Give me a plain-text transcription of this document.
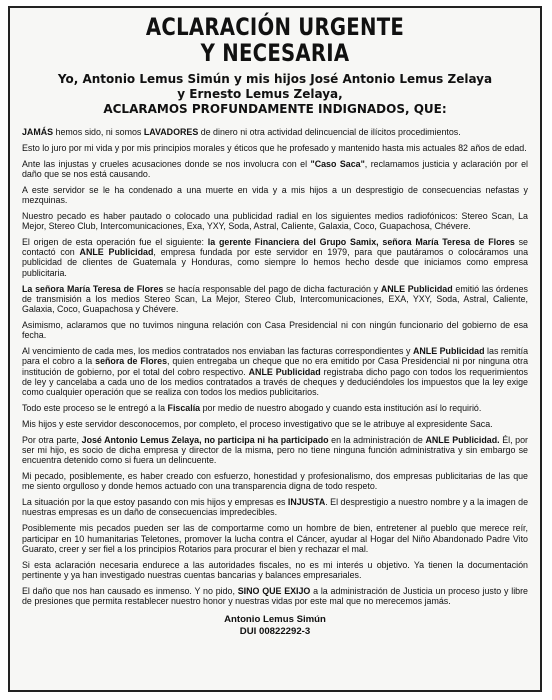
ACLARACIÓN URGENTE
Y NECESARIA
Yo, Antonio Lemus Simún y mis hijos José Antonio Lemus Zelaya
y Ernesto Lemus Zelaya,
ACLARAMOS PROFUNDAMENTE INDIGNADOS, QUE:

JAMÁS hemos sido, ni somos LAVADORES de dinero ni otra actividad delincuencial de ilícitos procedimientos.

Esto lo juro por mi vida y por mis principios morales y éticos que he profesado y mantenido hasta mis actuales 82 años de edad.

Ante las injustas y crueles acusaciones donde se nos involucra con el "Caso Saca", reclamamos justicia y aclaración por el daño que se nos está causando.

A este servidor se le ha condenado a una muerte en vida y a mis hijos a un desprestigio de consecuencias nefastas y mezquinas.

Nuestro pecado es haber pautado o colocado una publicidad radial en los siguientes medios radiofónicos: Stereo Scan, La Mejor, Stereo Club, Intercomunicaciones, Exa, YXY, Soda, Astral, Caliente, Galaxia, Coco, Guapachosa, Chévere.

El origen de esta operación fue el siguiente: la gerente Financiera del Grupo Samix, señora María Teresa de Flores se contactó con ANLE Publicidad, empresa fundada por este servidor en 1979, para que pautáramos o colocáramos una publicidad de clientes de Guatemala y Honduras, como siempre lo hemos hecho desde que iniciamos como empresa publicitaria.

La señora María Teresa de Flores se hacía responsable del pago de dicha facturación y ANLE Publicidad emitió las órdenes de transmisión a los medios Stereo Scan, La Mejor, Stereo Club, Intercomunicaciones, EXA, YXY, Soda, Astral, Caliente, Galaxia, Coco, Guapachosa y Chévere.

Asimismo, aclaramos que no tuvimos ninguna relación con Casa Presidencial ni con ningún funcionario del gobierno de esa fecha.

Al vencimiento de cada mes, los medios contratados nos enviaban las facturas correspondientes y ANLE Publicidad las remitía para el cobro a la señora de Flores, quien entregaba un cheque que no era emitido por Casa Presidencial ni por ninguna otra institución de gobierno, por el total del cobro respectivo. ANLE Publicidad registraba dicho pago con todos los requerimientos de ley y cancelaba a cada uno de los medios contratados a través de cheques y deduciéndoles los impuestos que la ley exige como cualquier operación que se realiza con todos los medios publicitarios.

Todo este proceso se le entregó a la Fiscalía por medio de nuestro abogado y cuando esta institución así lo requirió.

Mis hijos y este servidor desconocemos, por completo, el proceso investigativo que se le atribuye al expresidente Saca.

Por otra parte, José Antonio Lemus Zelaya, no participa ni ha participado en la administración de ANLE Publicidad. Él, por ser mi hijo, es socio de dicha empresa y director de la misma, pero no tiene ninguna función administrativa y sin embargo se encuentra detenido como si fuera un delincuente.

Mi pecado, posiblemente, es haber creado con esfuerzo, honestidad y profesionalismo, dos empresas publicitarias de las que me siento orgulloso y donde hemos actuado con una transparencia digna de todo respeto.

La situación por la que estoy pasando con mis hijos y empresas es INJUSTA. El desprestigio a nuestro nombre y a la imagen de nuestras empresas es un daño de consecuencias impredecibles.

Posiblemente mis pecados pueden ser las de comportarme como un hombre de bien, entretener al pueblo que merece reír, participar en 10 humanitarias Teletones, promover la lucha contra el Cáncer, ayudar al Hogar del Niño Abandonado Padre Vito Guarato, creer y ser fiel a los principios Rotarios para procurar el bien y rechazar el mal.

Si esta aclaración necesaria endurece a las autoridades fiscales, no es mi interés u objetivo. Ya tienen la documentación pertinente y ya han investigado nuestras cuentas bancarias y balances empresariales.

El daño que nos han causado es inmenso. Y no pido, SINO QUE EXIJO a la administración de Justicia un proceso justo y libre de presiones que permita restablecer nuestro honor y nuestras vidas por este mal que no merecemos jamás.

Antonio Lemus Simún
DUI 00822292-3
